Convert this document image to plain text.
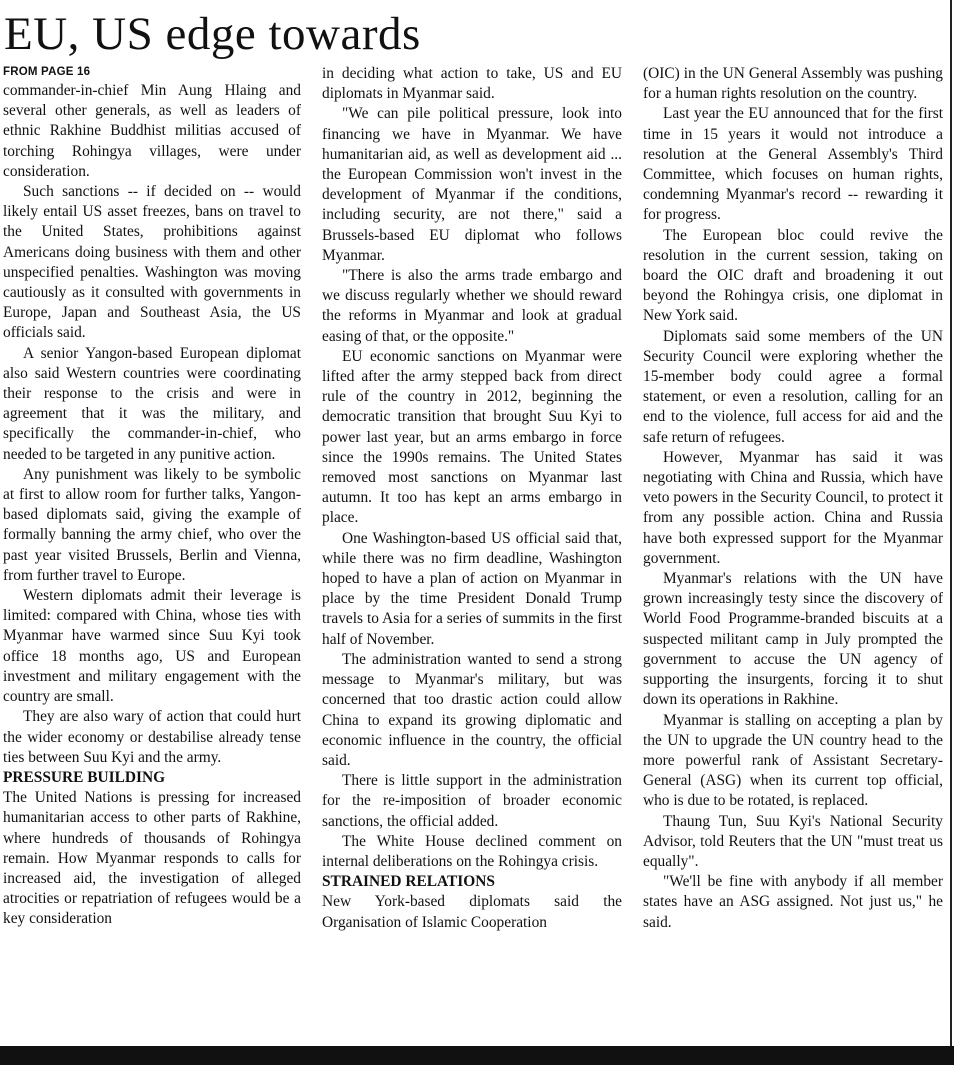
EU, US edge towards
FROM PAGE 16

commander-in-chief Min Aung Hlaing and several other generals, as well as leaders of ethnic Rakhine Buddhist militias accused of torching Rohingya villages, were under consideration.

Such sanctions -- if decided on -- would likely entail US asset freezes, bans on travel to the United States, prohibitions against Americans doing business with them and other unspecified penalties. Washington was moving cautiously as it consulted with governments in Europe, Japan and Southeast Asia, the US officials said.

A senior Yangon-based European diplomat also said Western countries were coordinating their response to the crisis and were in agreement that it was the military, and specifically the commander-in-chief, who needed to be targeted in any punitive action.

Any punishment was likely to be symbolic at first to allow room for further talks, Yangon-based diplomats said, giving the example of formally banning the army chief, who over the past year visited Brussels, Berlin and Vienna, from further travel to Europe.

Western diplomats admit their leverage is limited: compared with China, whose ties with Myanmar have warmed since Suu Kyi took office 18 months ago, US and European investment and military engagement with the country are small.

They are also wary of action that could hurt the wider economy or destabilise already tense ties between Suu Kyi and the army.

PRESSURE BUILDING

The United Nations is pressing for increased humanitarian access to other parts of Rakhine, where hundreds of thousands of Rohingya remain. How Myanmar responds to calls for increased aid, the investigation of alleged atrocities or repatriation of refugees would be a key consideration

in deciding what action to take, US and EU diplomats in Myanmar said.

"We can pile political pressure, look into financing we have in Myanmar. We have humanitarian aid, as well as development aid ... the European Commission won't invest in the development of Myanmar if the conditions, including security, are not there," said a Brussels-based EU diplomat who follows Myanmar.

"There is also the arms trade embargo and we discuss regularly whether we should reward the reforms in Myanmar and look at gradual easing of that, or the opposite."

EU economic sanctions on Myanmar were lifted after the army stepped back from direct rule of the country in 2012, beginning the democratic transition that brought Suu Kyi to power last year, but an arms embargo in force since the 1990s remains. The United States removed most sanctions on Myanmar last autumn. It too has kept an arms embargo in place.

One Washington-based US official said that, while there was no firm deadline, Washington hoped to have a plan of action on Myanmar in place by the time President Donald Trump travels to Asia for a series of summits in the first half of November.

The administration wanted to send a strong message to Myanmar's military, but was concerned that too drastic action could allow China to expand its growing diplomatic and economic influence in the country, the official said.

There is little support in the administration for the re-imposition of broader economic sanctions, the official added.

The White House declined comment on internal deliberations on the Rohingya crisis.

STRAINED RELATIONS

New York-based diplomats said the Organisation of Islamic Cooperation

(OIC) in the UN General Assembly was pushing for a human rights resolution on the country.

Last year the EU announced that for the first time in 15 years it would not introduce a resolution at the General Assembly's Third Committee, which focuses on human rights, condemning Myanmar's record -- rewarding it for progress.

The European bloc could revive the resolution in the current session, taking on board the OIC draft and broadening it out beyond the Rohingya crisis, one diplomat in New York said.

Diplomats said some members of the UN Security Council were exploring whether the 15-member body could agree a formal statement, or even a resolution, calling for an end to the violence, full access for aid and the safe return of refugees.

However, Myanmar has said it was negotiating with China and Russia, which have veto powers in the Security Council, to protect it from any possible action. China and Russia have both expressed support for the Myanmar government.

Myanmar's relations with the UN have grown increasingly testy since the discovery of World Food Programme-branded biscuits at a suspected militant camp in July prompted the government to accuse the UN agency of supporting the insurgents, forcing it to shut down its operations in Rakhine.

Myanmar is stalling on accepting a plan by the UN to upgrade the UN country head to the more powerful rank of Assistant Secretary-General (ASG) when its current top official, who is due to be rotated, is replaced.

Thaung Tun, Suu Kyi's National Security Advisor, told Reuters that the UN "must treat us equally".

"We'll be fine with anybody if all member states have an ASG assigned. Not just us," he said.
